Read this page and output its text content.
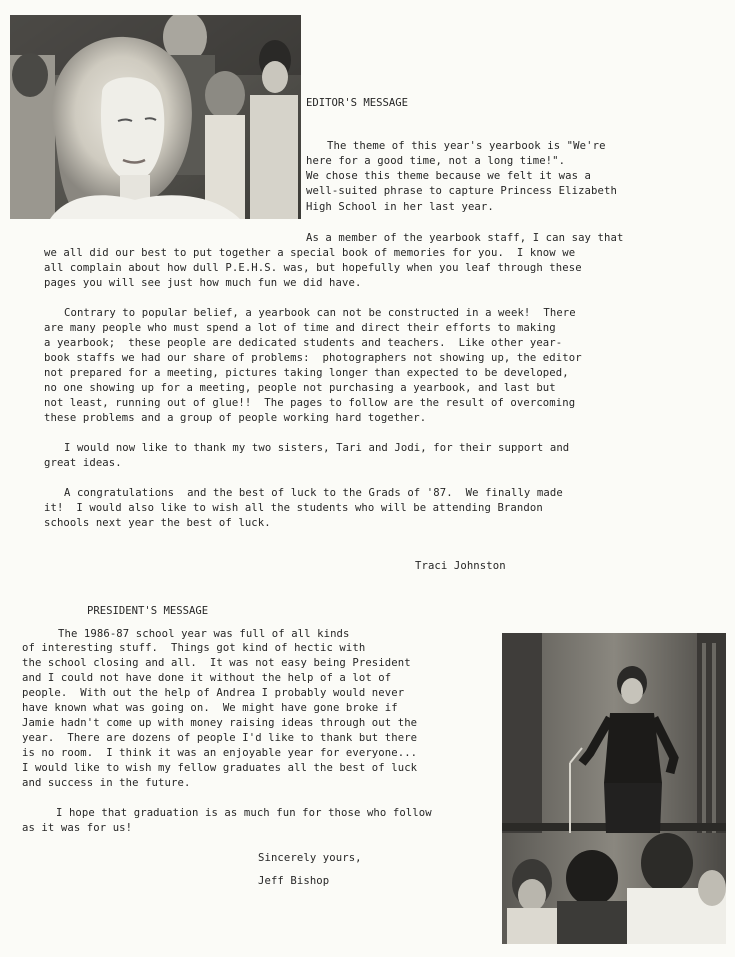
EDITOR'S MESSAGE
The theme of this year's yearbook is "We're
here for a good time, not a long time!".
We chose this theme because we felt it was a
well-suited phrase to capture Princess Elizabeth
High School in her last year.
As a member of the yearbook staff, I can say that
we all did our best to put together a special book of memories for you.  I know we
all complain about how dull P.E.H.S. was, but hopefully when you leaf through these
pages you will see just how much fun we did have.
Contrary to popular belief, a yearbook can not be constructed in a week!  There
are many people who must spend a lot of time and direct their efforts to making
a yearbook;  these people are dedicated students and teachers.  Like other year-
book staffs we had our share of problems:  photographers not showing up, the editor
not prepared for a meeting, pictures taking longer than expected to be developed,
no one showing up for a meeting, people not purchasing a yearbook, and last but
not least, running out of glue!!  The pages to follow are the result of overcoming
these problems and a group of people working hard together.
I would now like to thank my two sisters, Tari and Jodi, for their support and
great ideas.
A congratulations  and the best of luck to the Grads of '87.  We finally made
it!  I would also like to wish all the students who will be attending Brandon
schools next year the best of luck.
Traci Johnston
PRESIDENT'S MESSAGE
The 1986-87 school year was full of all kinds
of interesting stuff.  Things got kind of hectic with
the school closing and all.  It was not easy being President
and I could not have done it without the help of a lot of
people.  With out the help of Andrea I probably would never
have known what was going on.  We might have gone broke if
Jamie hadn't come up with money raising ideas through out the
year.  There are dozens of people I'd like to thank but there
is no room.  I think it was an enjoyable year for everyone...
I would like to wish my fellow graduates all the best of luck
and success in the future.
I hope that graduation is as much fun for those who follow
as it was for us!
Sincerely yours,
Jeff Bishop
